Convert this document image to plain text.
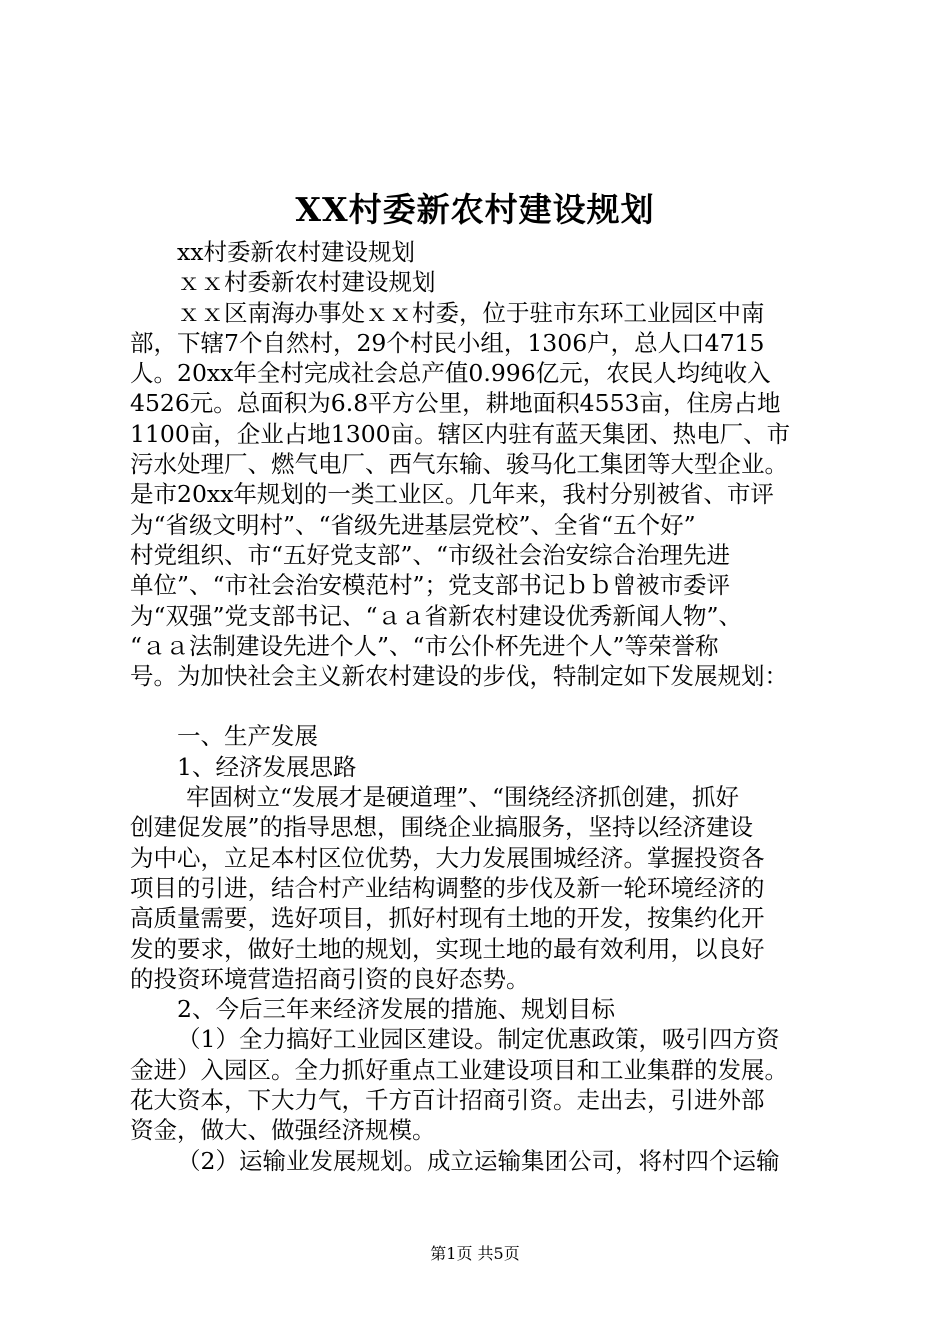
XX村委新农村建设规划
xx村委新农村建设规划
ｘｘ村委新农村建设规划
ｘｘ区南海办事处ｘｘ村委，位于驻市东环工业园区中南
部，下辖7个自然村，29个村民小组，1306户，总人口4715
人。20xx年全村完成社会总产值0.996亿元，农民人均纯收入
4526元。总面积为6.8平方公里，耕地面积4553亩，住房占地
1100亩，企业占地1300亩。辖区内驻有蓝天集团、热电厂、市
污水处理厂、燃气电厂、西气东输、骏马化工集团等大型企业。
是市20xx年规划的一类工业区。几年来，我村分别被省、市评
为“省级文明村”、“省级先进基层党校”、全省“五个好”
村党组织、市“五好党支部”、“市级社会治安综合治理先进
单位”、“市社会治安模范村”；党支部书记ｂｂ曾被市委评
为“双强”党支部书记、“ａａ省新农村建设优秀新闻人物”、
“ａａ法制建设先进个人”、“市公仆杯先进个人”等荣誉称
号。为加快社会主义新农村建设的步伐，特制定如下发展规划：
一、生产发展
1、经济发展思路
牢固树立“发展才是硬道理”、“围绕经济抓创建，抓好
创建促发展”的指导思想，围绕企业搞服务，坚持以经济建设
为中心，立足本村区位优势，大力发展围城经济。掌握投资各
项目的引进，结合村产业结构调整的步伐及新一轮环境经济的
高质量需要，选好项目，抓好村现有土地的开发，按集约化开
发的要求，做好土地的规划，实现土地的最有效利用，以良好
的投资环境营造招商引资的良好态势。
2、今后三年来经济发展的措施、规划目标
（1）全力搞好工业园区建设。制定优惠政策，吸引四方资
金进）入园区。全力抓好重点工业建设项目和工业集群的发展。
花大资本，下大力气，千方百计招商引资。走出去，引进外部
资金，做大、做强经济规模。
（2）运输业发展规划。成立运输集团公司，将村四个运输
第1页 共5页
